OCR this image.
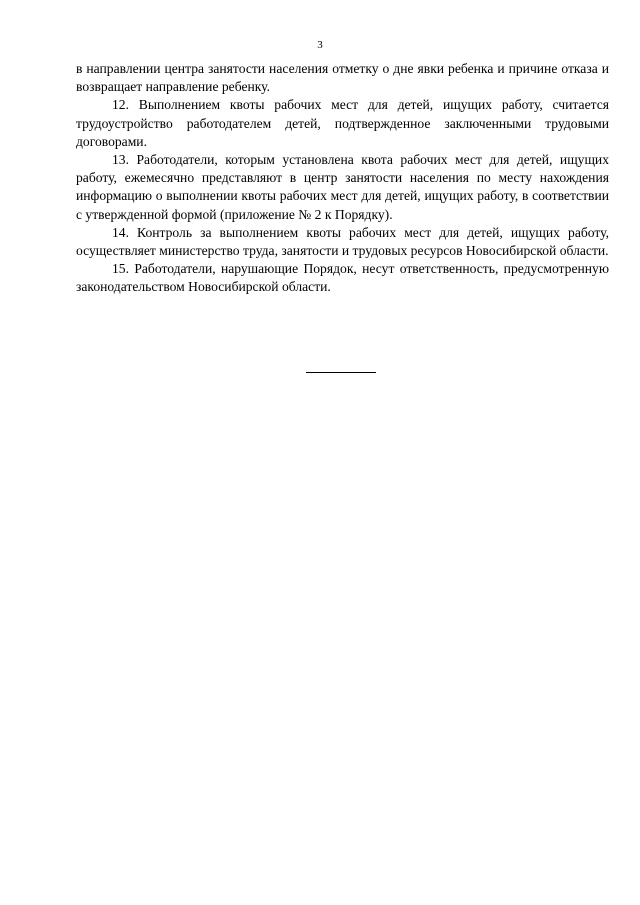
3

в направлении центра занятости населения отметку о дне явки ребенка и причине отказа и возвращает направление ребенку.

12. Выполнением квоты рабочих мест для детей, ищущих работу, считается трудоустройство работодателем детей, подтвержденное заключенными трудовыми договорами.

13. Работодатели, которым установлена квота рабочих мест для детей, ищущих работу, ежемесячно представляют в центр занятости населения по месту нахождения информацию о выполнении квоты рабочих мест для детей, ищущих работу, в соответствии с утвержденной формой (приложение № 2 к Порядку).

14. Контроль за выполнением квоты рабочих мест для детей, ищущих работу, осуществляет министерство труда, занятости и трудовых ресурсов Новосибирской области.

15. Работодатели, нарушающие Порядок, несут ответственность, предусмотренную законодательством Новосибирской области.
